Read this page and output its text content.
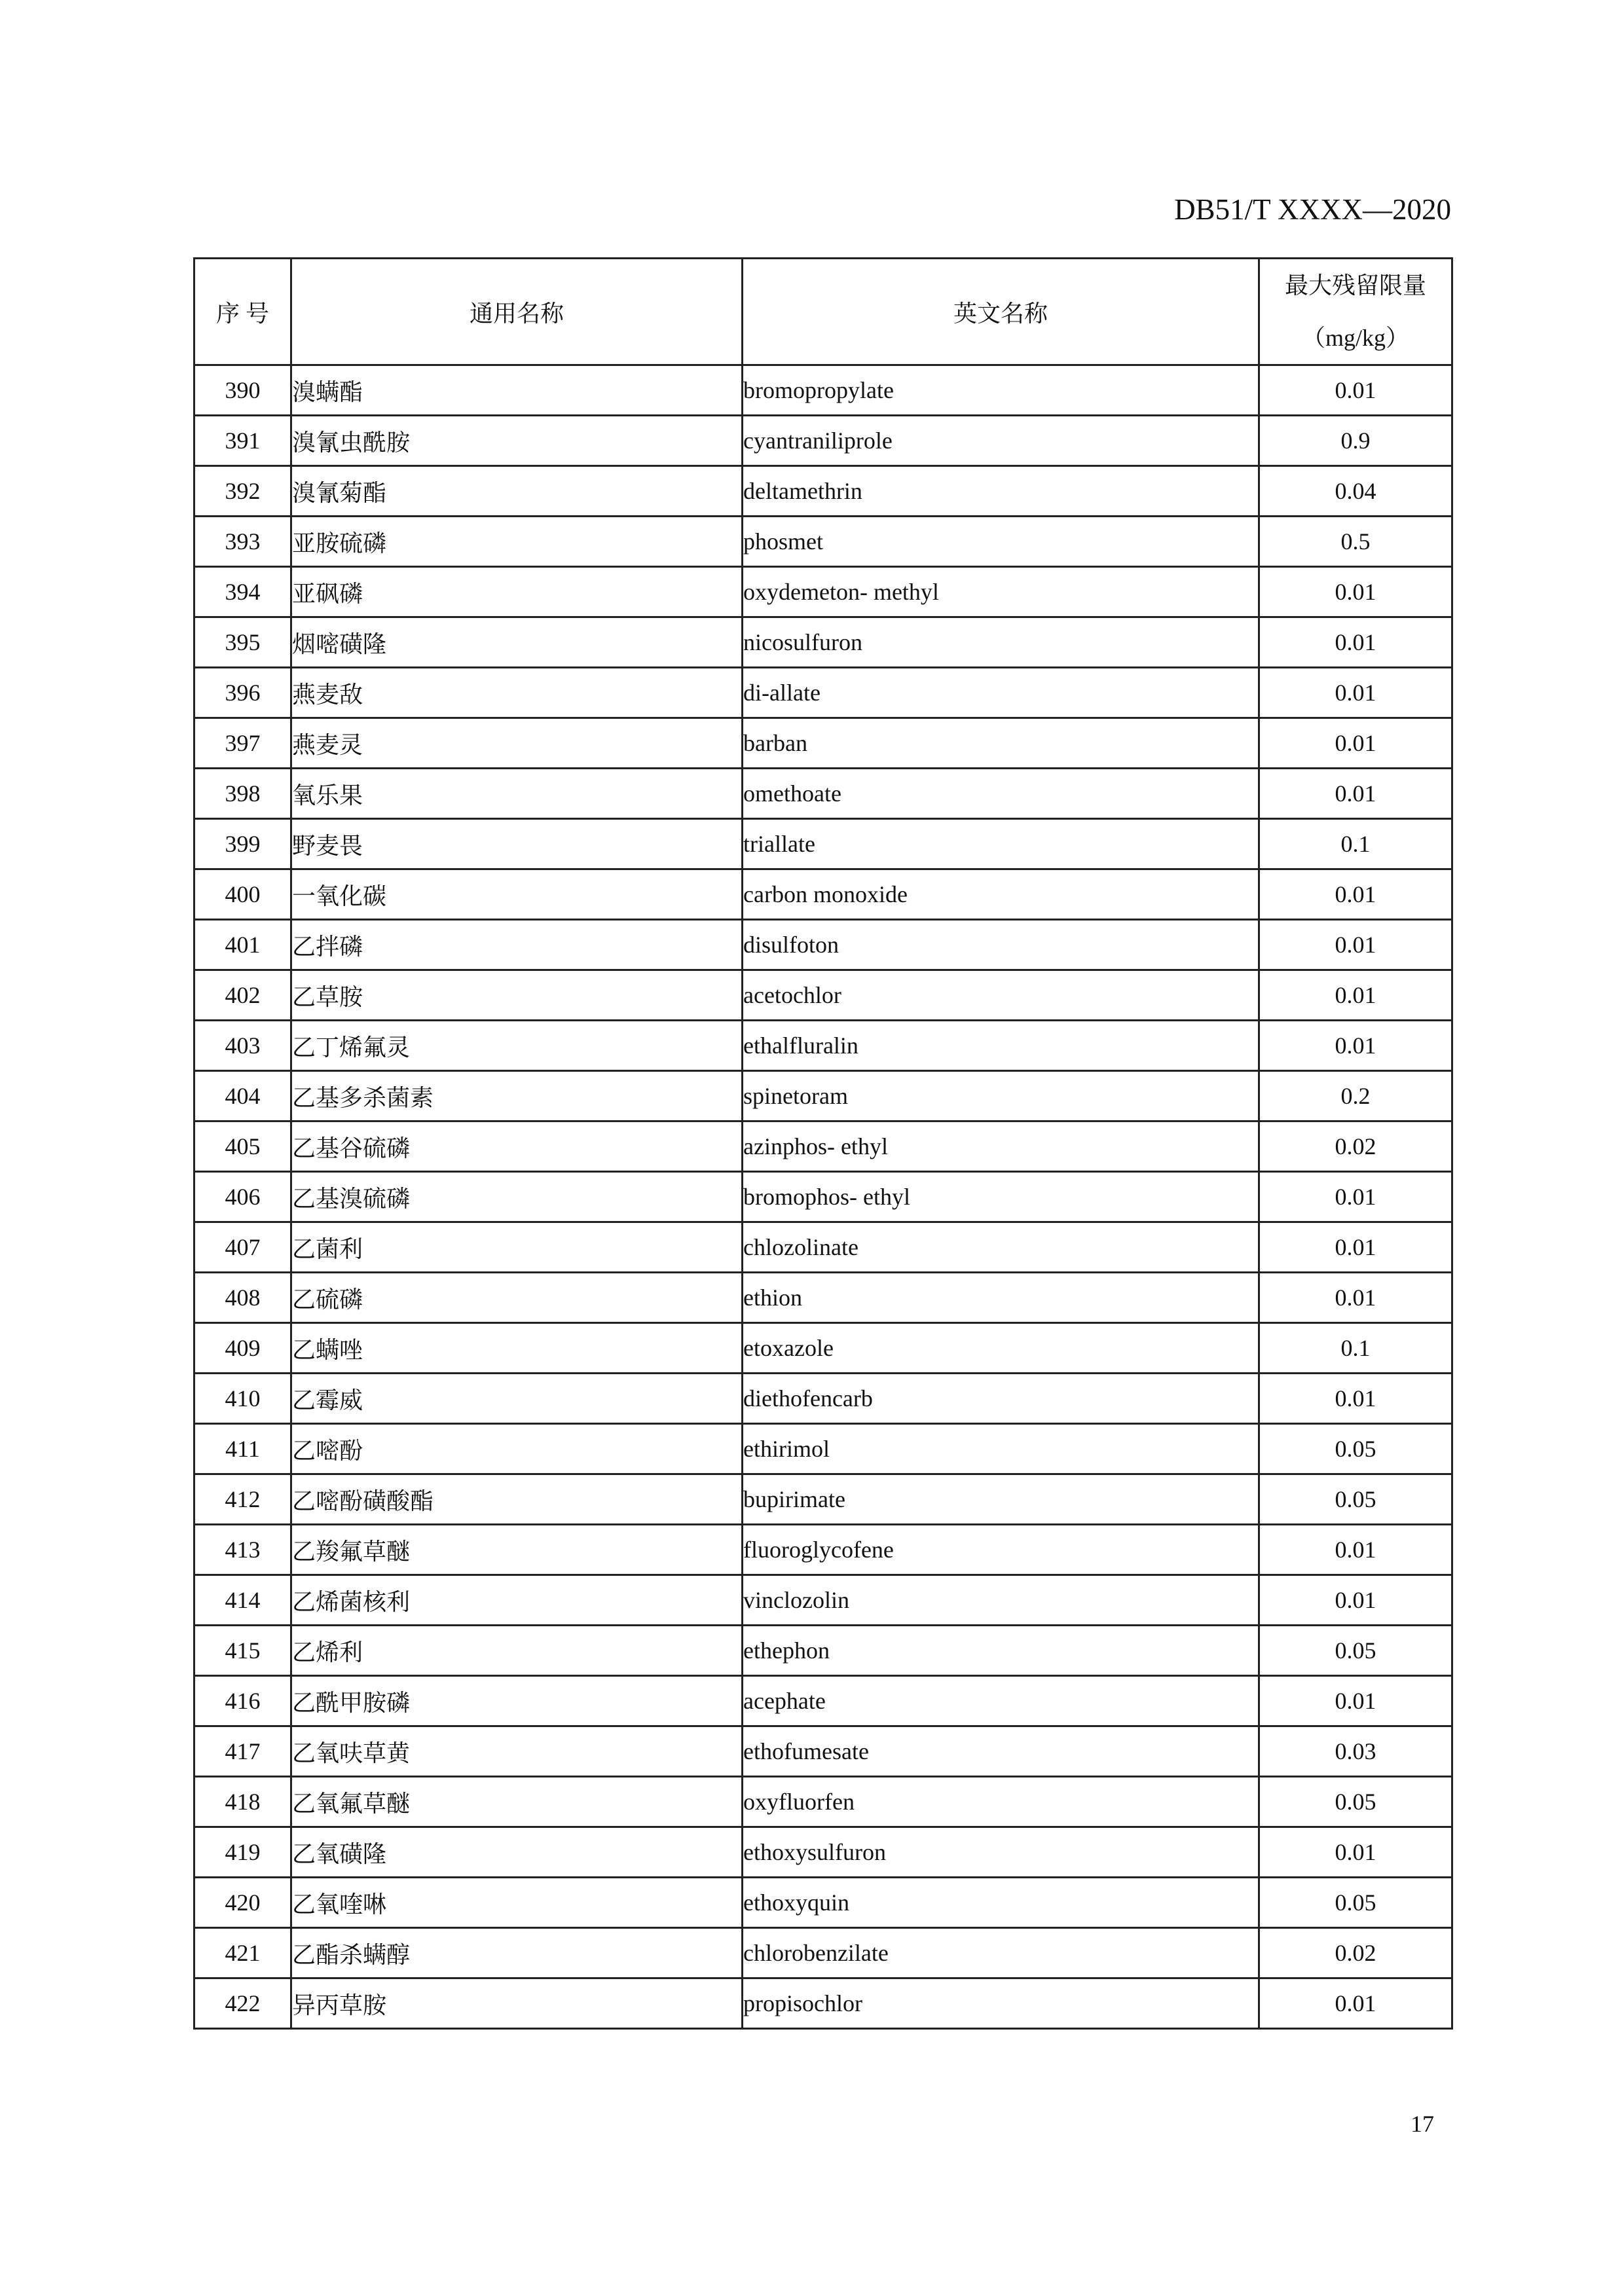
DB51/T XXXX—2020
序 号	通用名称	英文名称	最大残留限量
（mg/kg）

390	溴螨酯	bromopropylate	0.01
391	溴氰虫酰胺	cyantraniliprole	0.9
392	溴氰菊酯	deltamethrin	0.04
393	亚胺硫磷	phosmet	0.5
394	亚砜磷	oxydemeton- methyl	0.01
395	烟嘧磺隆	nicosulfuron	0.01
396	燕麦敌	di-allate	0.01
397	燕麦灵	barban	0.01
398	氧乐果	omethoate	0.01
399	野麦畏	triallate	0.1
400	一氧化碳	carbon monoxide	0.01
401	乙拌磷	disulfoton	0.01
402	乙草胺	acetochlor	0.01
403	乙丁烯氟灵	ethalfluralin	0.01
404	乙基多杀菌素	spinetoram	0.2
405	乙基谷硫磷	azinphos- ethyl	0.02
406	乙基溴硫磷	bromophos- ethyl	0.01
407	乙菌利	chlozolinate	0.01
408	乙硫磷	ethion	0.01
409	乙螨唑	etoxazole	0.1
410	乙霉威	diethofencarb	0.01
411	乙嘧酚	ethirimol	0.05
412	乙嘧酚磺酸酯	bupirimate	0.05
413	乙羧氟草醚	fluoroglycofene	0.01
414	乙烯菌核利	vinclozolin	0.01
415	乙烯利	ethephon	0.05
416	乙酰甲胺磷	acephate	0.01
417	乙氧呋草黄	ethofumesate	0.03
418	乙氧氟草醚	oxyfluorfen	0.05
419	乙氧磺隆	ethoxysulfuron	0.01
420	乙氧喹啉	ethoxyquin	0.05
421	乙酯杀螨醇	chlorobenzilate	0.02
422	异丙草胺	propisochlor	0.01
17
